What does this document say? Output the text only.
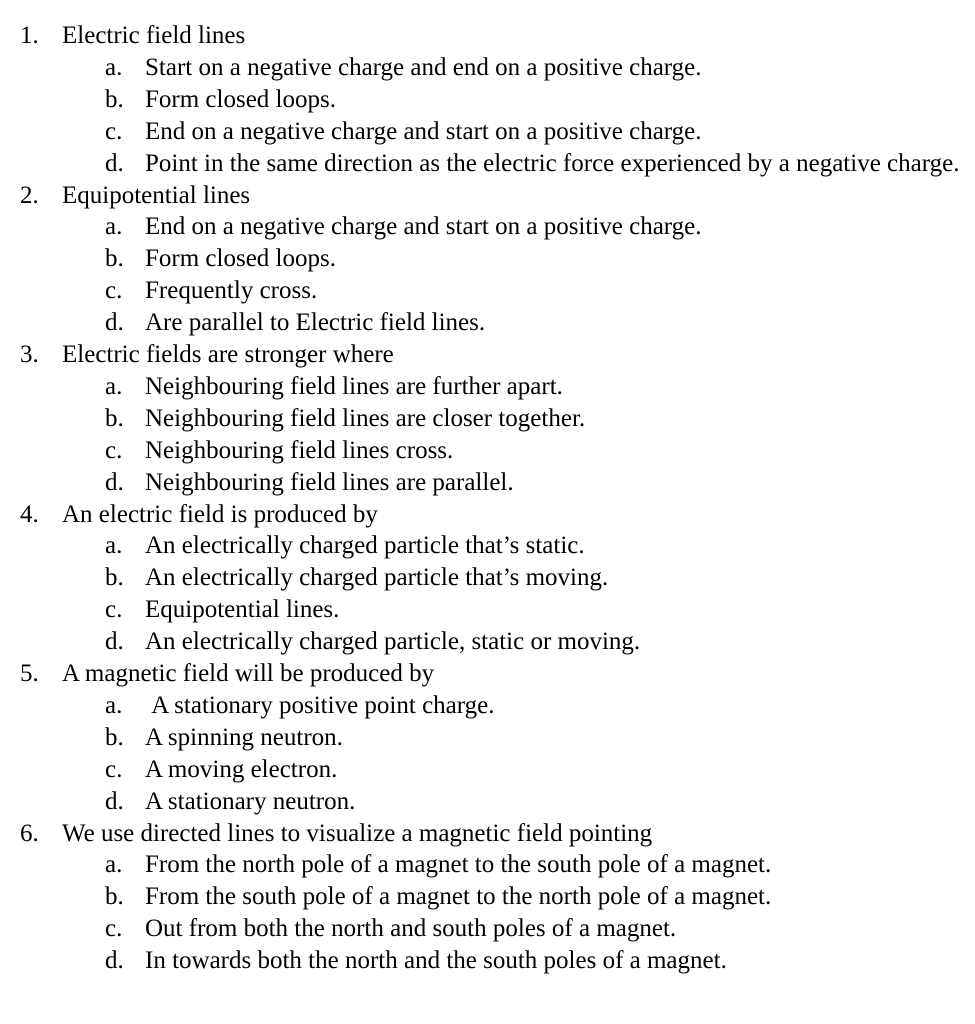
1. Electric field lines
a. Start on a negative charge and end on a positive charge.
b. Form closed loops.
c. End on a negative charge and start on a positive charge.
d. Point in the same direction as the electric force experienced by a negative charge.
2. Equipotential lines
a. End on a negative charge and start on a positive charge.
b. Form closed loops.
c. Frequently cross.
d. Are parallel to Electric field lines.
3. Electric fields are stronger where
a. Neighbouring field lines are further apart.
b. Neighbouring field lines are closer together.
c. Neighbouring field lines cross.
d. Neighbouring field lines are parallel.
4. An electric field is produced by
a. An electrically charged particle that’s static.
b. An electrically charged particle that’s moving.
c. Equipotential lines.
d. An electrically charged particle, static or moving.
5. A magnetic field will be produced by
a. A stationary positive point charge.
b. A spinning neutron.
c. A moving electron.
d. A stationary neutron.
6. We use directed lines to visualize a magnetic field pointing
a. From the north pole of a magnet to the south pole of a magnet.
b. From the south pole of a magnet to the north pole of a magnet.
c. Out from both the north and south poles of a magnet.
d. In towards both the north and the south poles of a magnet.
